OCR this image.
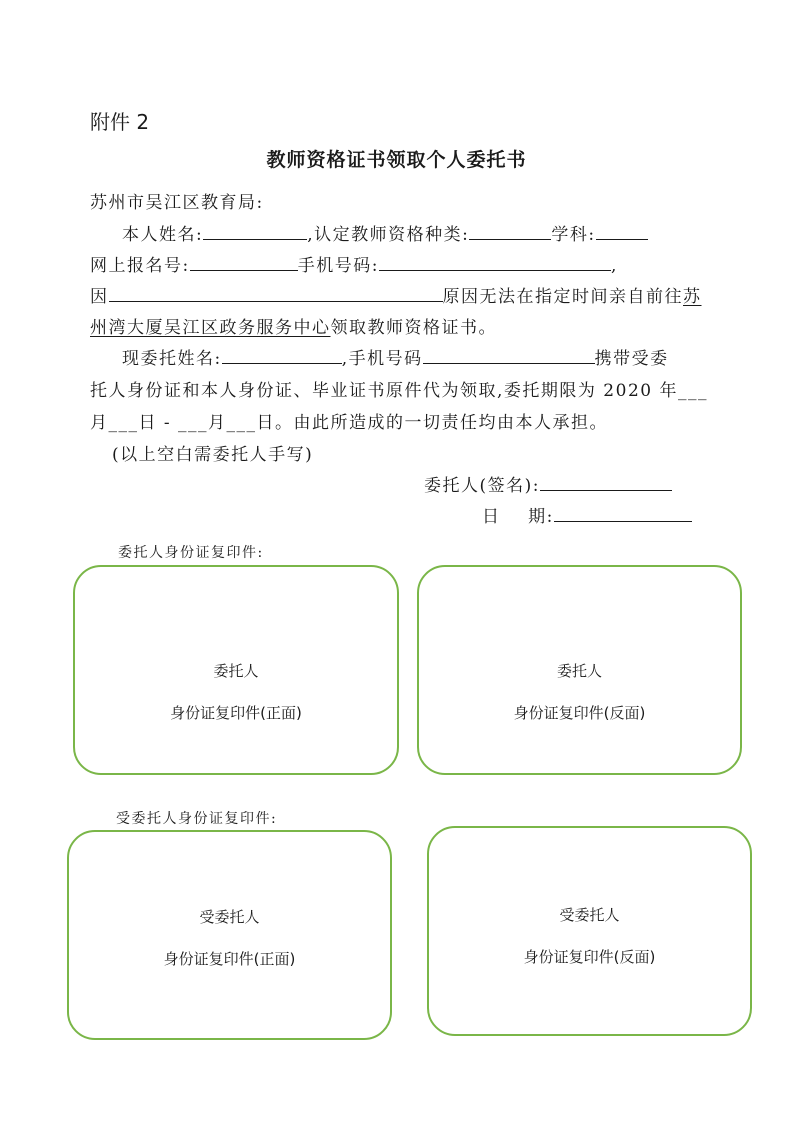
附件 2
教师资格证书领取个人委托书
苏州市吴江区教育局:
本人姓名:	,认定教师资格种类:	学科:
网上报名号:	手机号码:	,
因	原因无法在指定时间亲自前往苏
州湾大厦吴江区政务服务中心领取教师资格证书。
现委托姓名:	,手机号码	携带受委
托人身份证和本人身份证、毕业证书原件代为领取,委托期限为 2020 年___
月___日 - ___月___日。由此所造成的一切责任均由本人承担。
(以上空白需委托人手写)
委托人(签名):
日    期:
委托人身份证复印件:
委托人
身份证复印件(正面)
委托人
身份证复印件(反面)
受委托人身份证复印件:
受委托人
身份证复印件(正面)
受委托人
身份证复印件(反面)
